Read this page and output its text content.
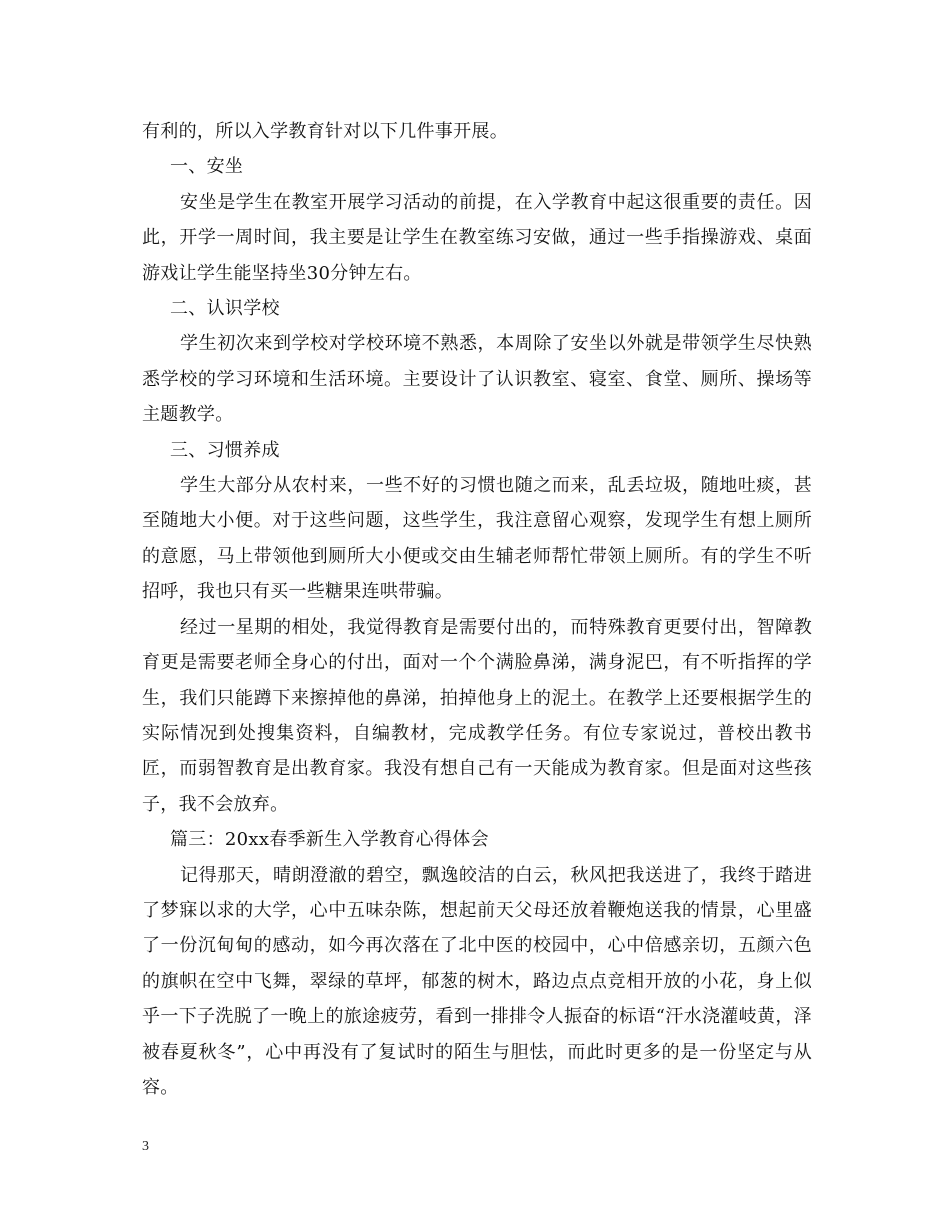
有利的，所以入学教育针对以下几件事开展。

一、安坐

安坐是学生在教室开展学习活动的前提，在入学教育中起这很重要的责任。因此，开学一周时间，我主要是让学生在教室练习安做，通过一些手指操游戏、桌面游戏让学生能坚持坐30分钟左右。

二、认识学校

学生初次来到学校对学校环境不熟悉，本周除了安坐以外就是带领学生尽快熟悉学校的学习环境和生活环境。主要设计了认识教室、寝室、食堂、厕所、操场等主题教学。

三、习惯养成

学生大部分从农村来，一些不好的习惯也随之而来，乱丢垃圾，随地吐痰，甚至随地大小便。对于这些问题，这些学生，我注意留心观察，发现学生有想上厕所的意愿，马上带领他到厕所大小便或交由生辅老师帮忙带领上厕所。有的学生不听招呼，我也只有买一些糖果连哄带骗。

经过一星期的相处，我觉得教育是需要付出的，而特殊教育更要付出，智障教育更是需要老师全身心的付出，面对一个个满脸鼻涕，满身泥巴，有不听指挥的学生，我们只能蹲下来擦掉他的鼻涕，拍掉他身上的泥土。在教学上还要根据学生的实际情况到处搜集资料，自编教材，完成教学任务。有位专家说过，普校出教书匠，而弱智教育是出教育家。我没有想自己有一天能成为教育家。但是面对这些孩子，我不会放弃。

篇三：20xx春季新生入学教育心得体会

记得那天，晴朗澄澈的碧空，飘逸皎洁的白云，秋风把我送进了，我终于踏进了梦寐以求的大学，心中五味杂陈，想起前天父母还放着鞭炮送我的情景，心里盛了一份沉甸甸的感动，如今再次落在了北中医的校园中，心中倍感亲切，五颜六色的旗帜在空中飞舞，翠绿的草坪，郁葱的树木，路边点点竞相开放的小花，身上似乎一下子洗脱了一晚上的旅途疲劳，看到一排排令人振奋的标语“汗水浇灌岐黄，泽被春夏秋冬”，心中再没有了复试时的陌生与胆怯，而此时更多的是一份坚定与从容。

3
